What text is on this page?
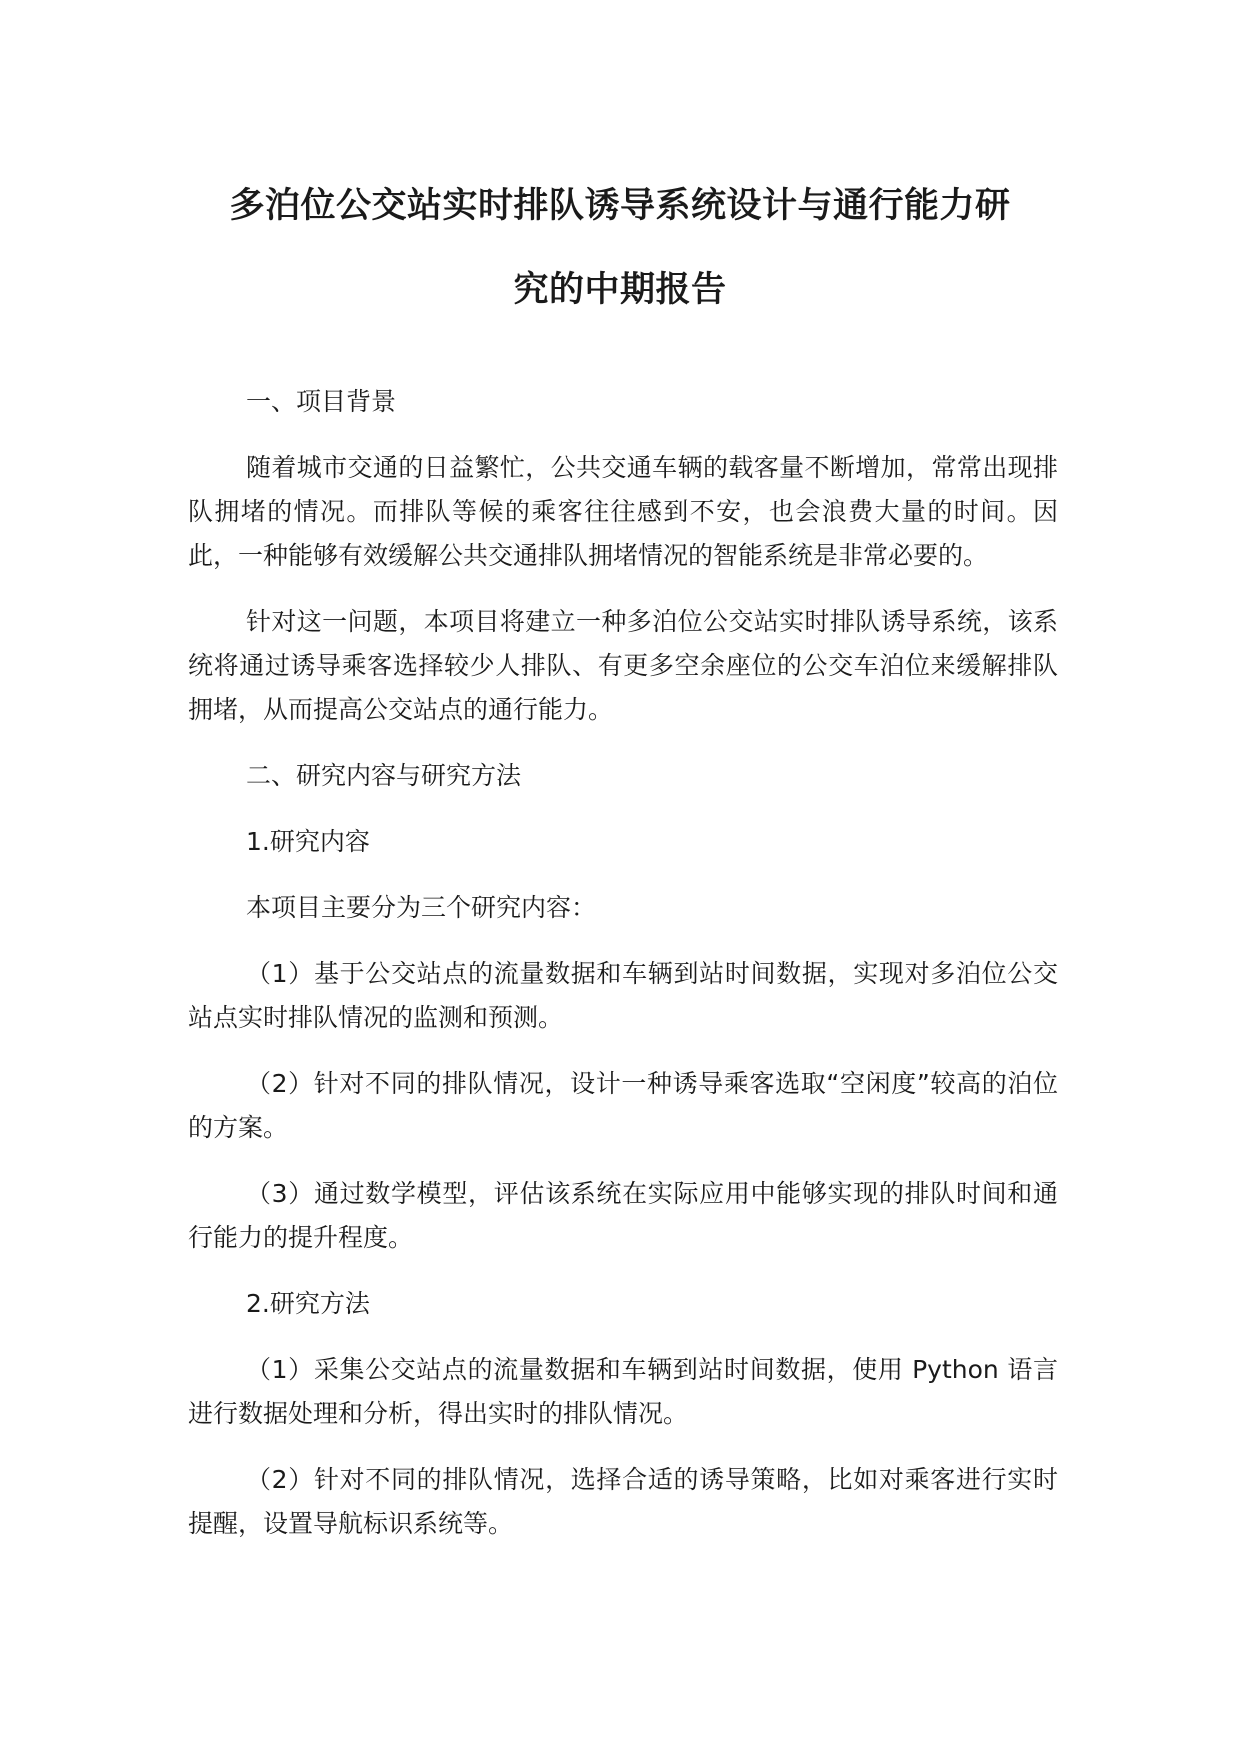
多泊位公交站实时排队诱导系统设计与通行能力研
究的中期报告

一、项目背景

随着城市交通的日益繁忙，公共交通车辆的载客量不断增加，常常出现排队拥堵的情况。而排队等候的乘客往往感到不安，也会浪费大量的时间。因此，一种能够有效缓解公共交通排队拥堵情况的智能系统是非常必要的。

针对这一问题，本项目将建立一种多泊位公交站实时排队诱导系统，该系统将通过诱导乘客选择较少人排队、有更多空余座位的公交车泊位来缓解排队拥堵，从而提高公交站点的通行能力。

二、研究内容与研究方法

1.研究内容

本项目主要分为三个研究内容：

（1）基于公交站点的流量数据和车辆到站时间数据，实现对多泊位公交站点实时排队情况的监测和预测。

（2）针对不同的排队情况，设计一种诱导乘客选取“空闲度”较高的泊位的方案。

（3）通过数学模型，评估该系统在实际应用中能够实现的排队时间和通行能力的提升程度。

2.研究方法

（1）采集公交站点的流量数据和车辆到站时间数据，使用 Python 语言进行数据处理和分析，得出实时的排队情况。

（2）针对不同的排队情况，选择合适的诱导策略，比如对乘客进行实时提醒，设置导航标识系统等。
